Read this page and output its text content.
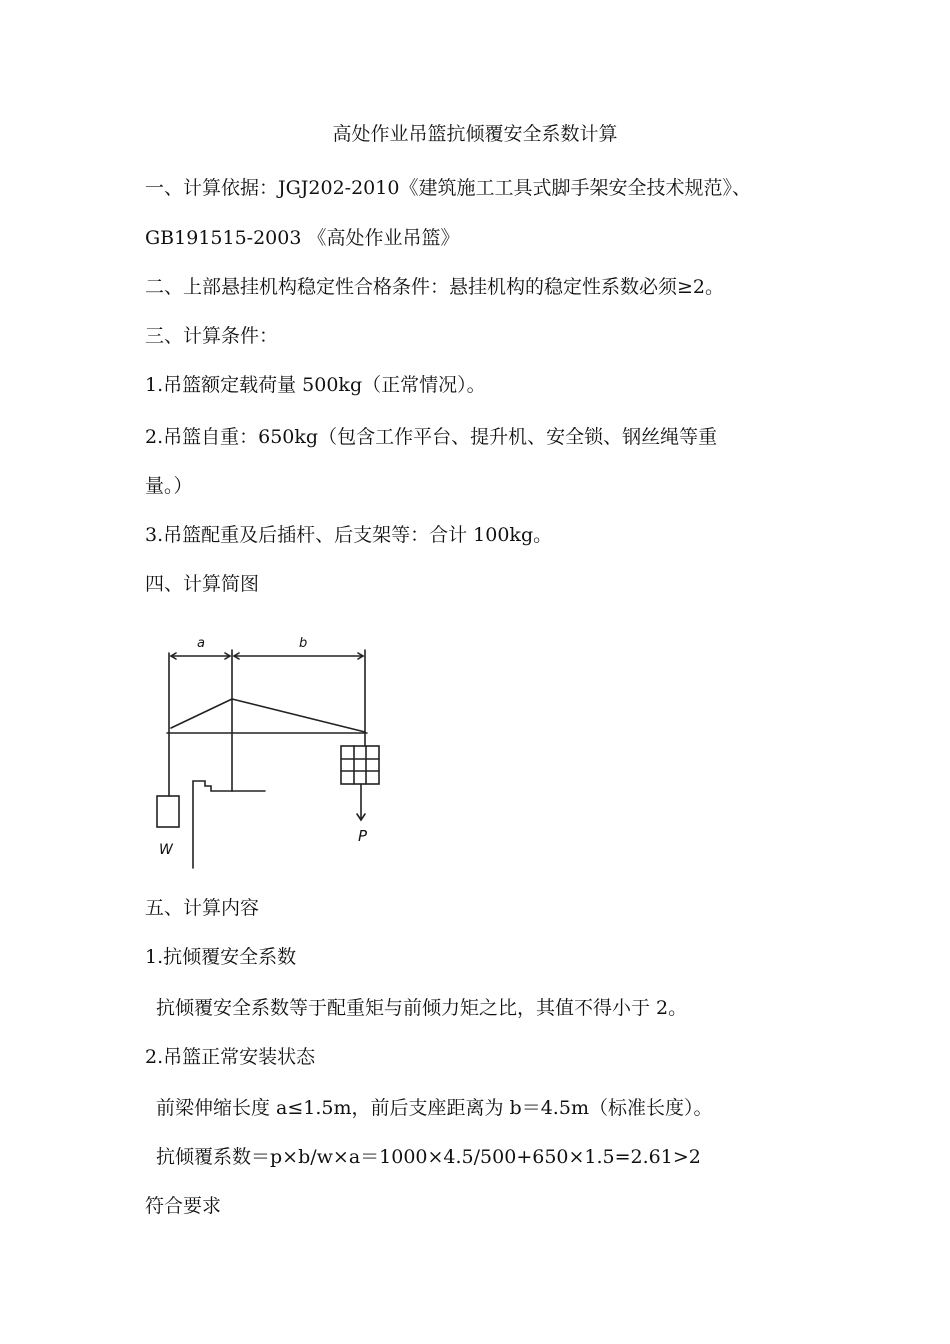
高处作业吊篮抗倾覆安全系数计算
一、计算依据：JGJ202-2010《建筑施工工具式脚手架安全技术规范》、
GB191515-2003 《高处作业吊篮》
二、上部悬挂机构稳定性合格条件：悬挂机构的稳定性系数必须≥2。
三、计算条件：
1.吊篮额定载荷量 500kg（正常情况）。
2.吊篮自重：650kg（包含工作平台、提升机、安全锁、钢丝绳等重
量。）
3.吊篮配重及后插杆、后支架等：合计 100kg。
四、计算简图
a	b
W
P
五、计算内容
1.抗倾覆安全系数
抗倾覆安全系数等于配重矩与前倾力矩之比，其值不得小于 2。
2.吊篮正常安装状态
前梁伸缩长度 a≤1.5m，前后支座距离为 b＝4.5m（标准长度）。
抗倾覆系数＝p×b/w×a＝1000×4.5/500+650×1.5=2.61>2
符合要求
